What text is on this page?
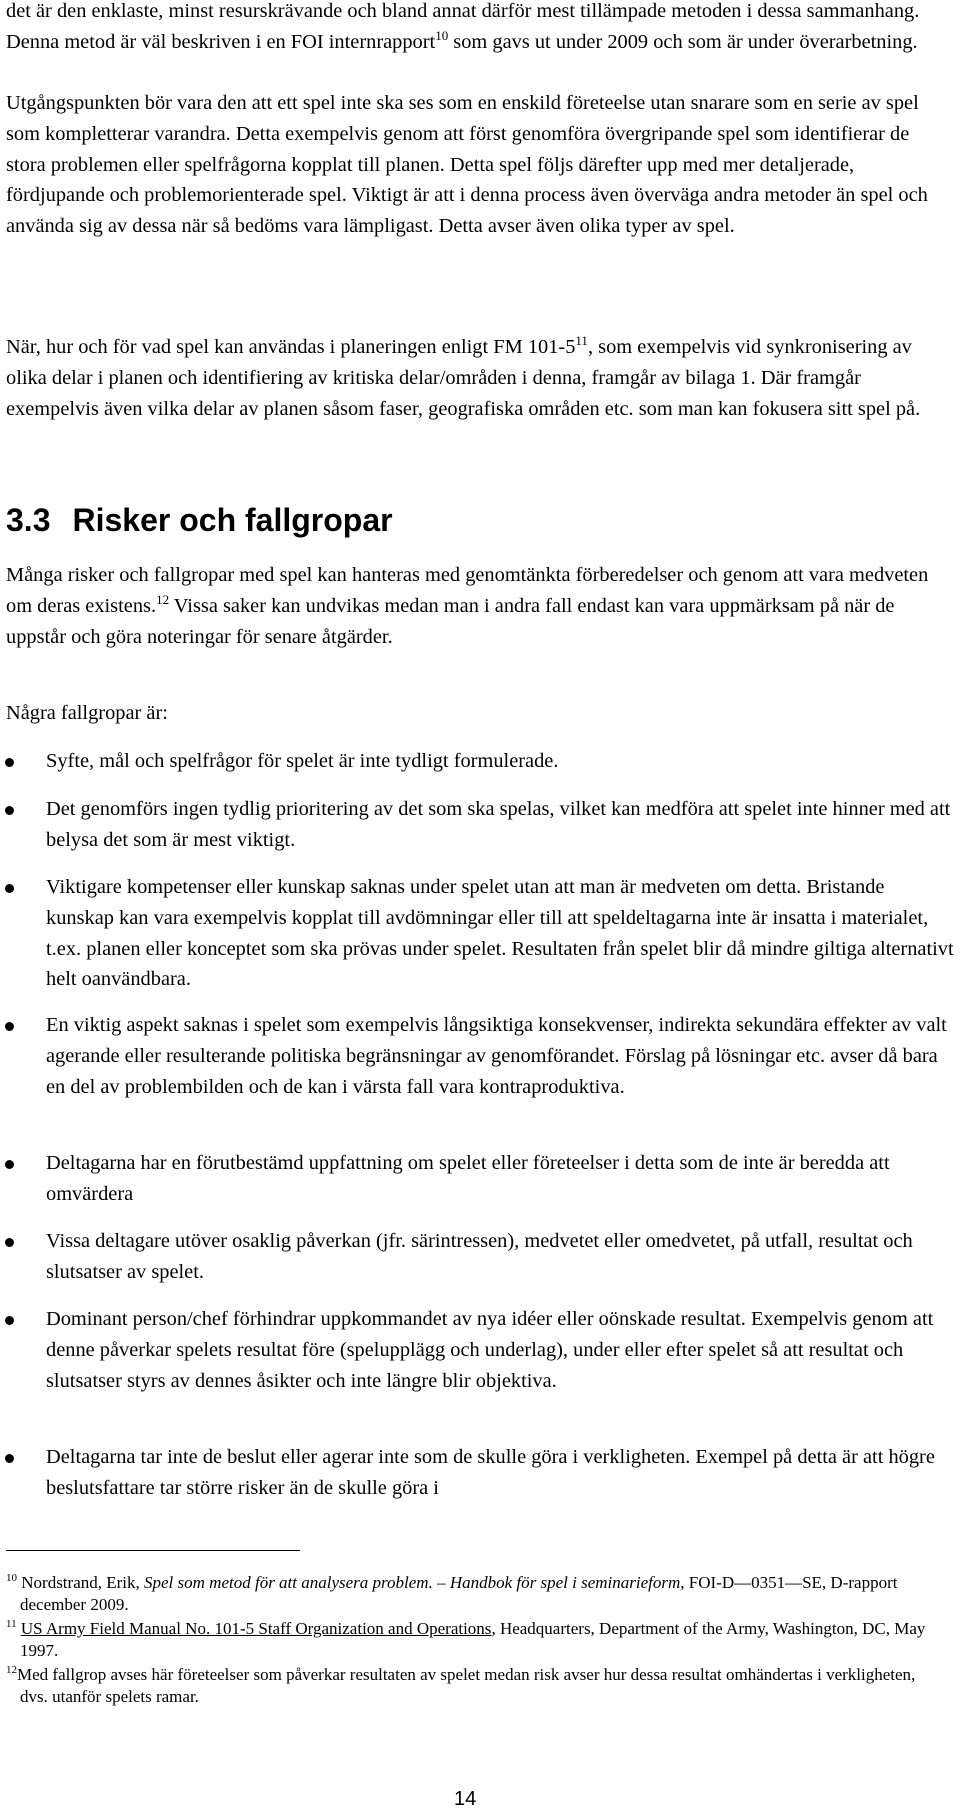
det är den enklaste, minst resurskrävande och bland annat därför mest tillämpade metoden i dessa sammanhang. Denna metod är väl beskriven i en FOI internrapport$^{10}$ som gavs ut under 2009 och som är under överarbetning.

Utgångspunkten bör vara den att ett spel inte ska ses som en enskild företeelse utan snarare som en serie av spel som kompletterar varandra. Detta exempelvis genom att först genomföra övergripande spel som identifierar de stora problemen eller spelfrågorna kopplat till planen. Detta spel följs därefter upp med mer detaljerade, fördjupande och problemorienterade spel. Viktigt är att i denna process även överväga andra metoder än spel och använda sig av dessa när så bedöms vara lämpligast. Detta avser även olika typer av spel.

När, hur och för vad spel kan användas i planeringen enligt FM $101-5^{11}$, som exempelvis vid synkronisering av olika delar i planen och identifiering av kritiska delar/områden i denna, framgår av bilaga 1. Där framgår exempelvis även vilka delar av planen såsom faser, geografiska områden etc. som man kan fokusera sitt spel på.

3.3 Risker och fallgropar

Många risker och fallgropar med spel kan hanteras med genomtänkta förberedelser och genom att vara medveten om deras existens.$^{12}$ Vissa saker kan undvikas medan man i andra fall endast kan vara uppmärksam på när de uppstår och göra noteringar för senare åtgärder.

Några fallgropar är:

Syfte, mål och spelfrågor för spelet är inte tydligt formulerade.
Det genomförs ingen tydlig prioritering av det som ska spelas, vilket kan medföra att spelet inte hinner med att belysa det som är mest viktigt.
Viktigare kompetenser eller kunskap saknas under spelet utan att man är medveten om detta. Bristande kunskap kan vara exempelvis kopplat till avdömningar eller till att speldeltagarna inte är insatta i materialet, t.ex. planen eller konceptet som ska prövas under spelet. Resultaten från spelet blir då mindre giltiga alternativt helt oanvändbara.
En viktig aspekt saknas i spelet som exempelvis långsiktiga konsekvenser, indirekta sekundära effekter av valt agerande eller resulterande politiska begränsningar av genomförandet. Förslag på lösningar etc. avser då bara en del av problembilden och de kan i värsta fall vara kontraproduktiva.
Deltagarna har en förutbestämd uppfattning om spelet eller företeelser i detta som de inte är beredda att omvärdera
Vissa deltagare utöver osaklig påverkan (jfr. särintressen), medvetet eller omedvetet, på utfall, resultat och slutsatser av spelet.
Dominant person/chef förhindrar uppkommandet av nya idéer eller oönskade resultat. Exempelvis genom att denne påverkar spelets resultat före (spelupplägg och underlag), under eller efter spelet så att resultat och slutsatser styrs av dennes åsikter och inte längre blir objektiva.
Deltagarna tar inte de beslut eller agerar inte som de skulle göra i verkligheten. Exempel på detta är att högre beslutsfattare tar större risker än de skulle göra i
$^{10}$ Nordstrand, Erik, Spel som metod för att analysera problem. – Handbok för spel i seminarieform, FOI-D—0351—SE, D-rapport december 2009.
$^{11}$ US Army Field Manual No. 101-5 Staff Organization and Operations, Headquarters, Department of the Army, Washington, DC, May 1997.
$^{12}$Med fallgrop avses här företeelser som påverkar resultaten av spelet medan risk avser hur dessa resultat omhändertas i verkligheten, dvs. utanför spelets ramar.
14
